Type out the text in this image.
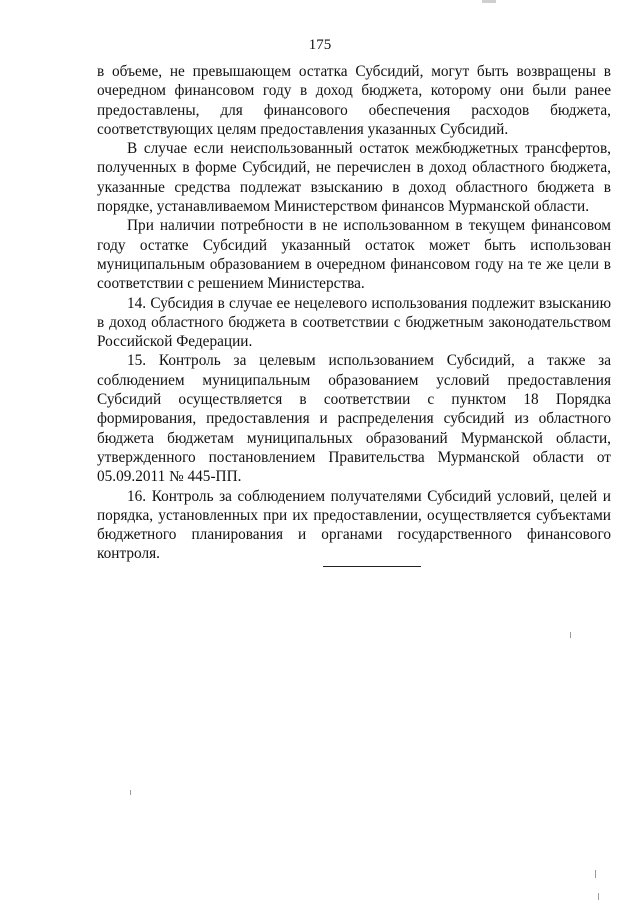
175

в объеме, не превышающем остатка Субсидий, могут быть возвращены в очередном финансовом году в доход бюджета, которому они были ранее предоставлены, для финансового обеспечения расходов бюджета, соответствующих целям предоставления указанных Субсидий.

В случае если неиспользованный остаток межбюджетных трансфертов, полученных в форме Субсидий, не перечислен в доход областного бюджета, указанные средства подлежат взысканию в доход областного бюджета в порядке, устанавливаемом Министерством финансов Мурманской области.

При наличии потребности в не использованном в текущем финансовом году остатке Субсидий указанный остаток может быть использован муниципальным образованием в очередном финансовом году на те же цели в соответствии с решением Министерства.

14. Субсидия в случае ее нецелевого использования подлежит взысканию в доход областного бюджета в соответствии с бюджетным законодательством Российской Федерации.

15. Контроль за целевым использованием Субсидий, а также за соблюдением муниципальным образованием условий предоставления Субсидий осуществляется в соответствии с пунктом 18 Порядка формирования, предоставления и распределения субсидий из областного бюджета бюджетам муниципальных образований Мурманской области, утвержденного постановлением Правительства Мурманской области от 05.09.2011 № 445-ПП.

16. Контроль за соблюдением получателями Субсидий условий, целей и порядка, установленных при их предоставлении, осуществляется субъектами бюджетного планирования и органами государственного финансового контроля.
